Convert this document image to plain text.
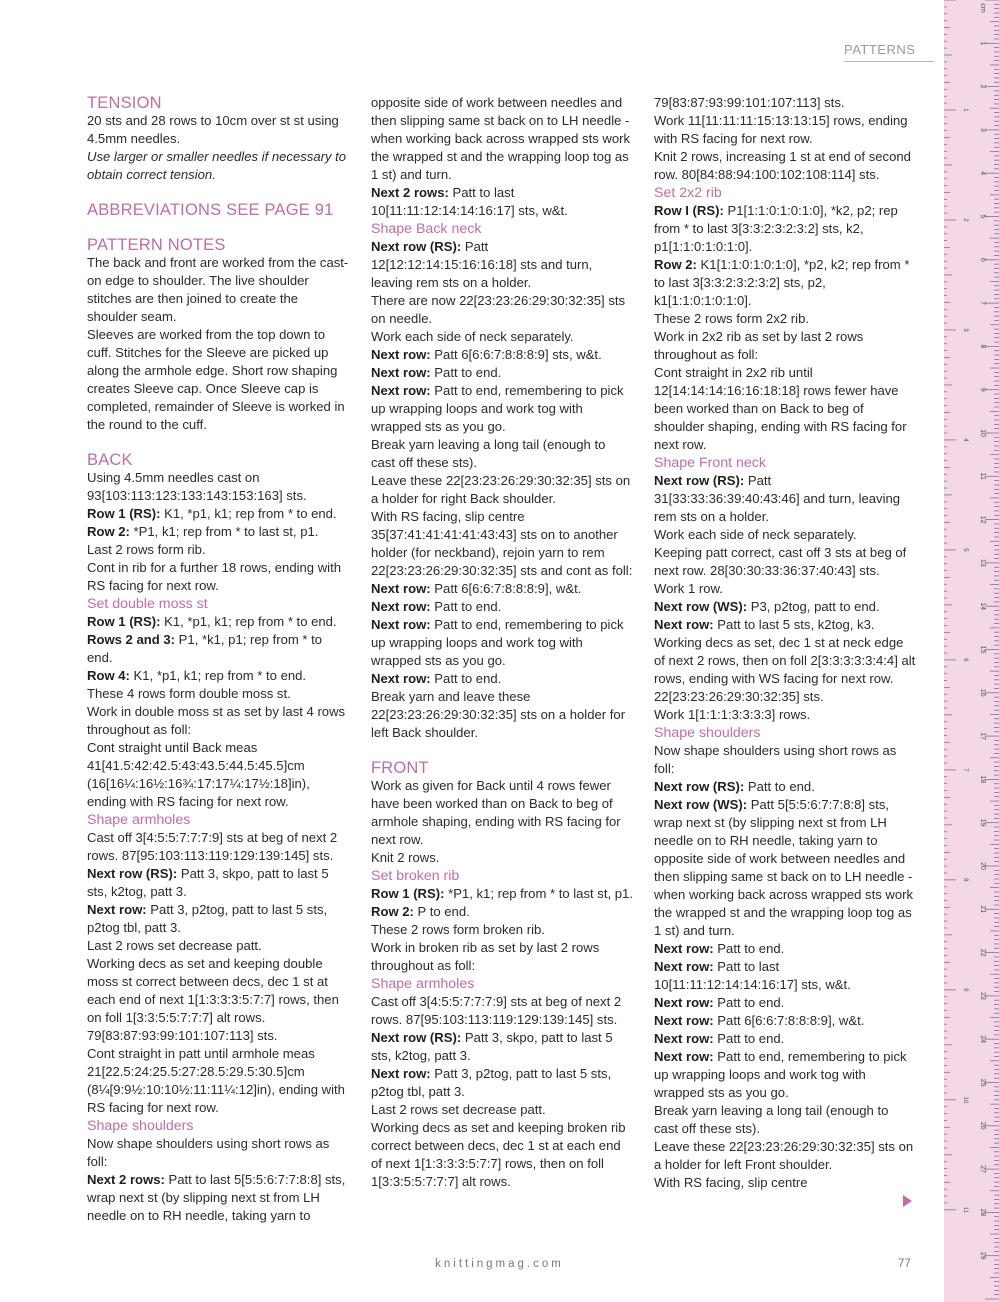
PATTERNS
TENSION

20 sts and 28 rows to 10cm over st st using 4.5mm needles.

Use larger or smaller needles if necessary to obtain correct tension.

ABBREVIATIONS SEE PAGE 91
PATTERN NOTES

The back and front are worked from the cast-on edge to shoulder. The live shoulder stitches are then joined to create the shoulder seam.

Sleeves are worked from the top down to cuff. Stitches for the Sleeve are picked up along the armhole edge. Short row shaping creates Sleeve cap. Once Sleeve cap is completed, remainder of Sleeve is worked in the round to the cuff.

BACK

Using 4.5mm needles cast on 93[103:113:123:133:143:153:163] sts.

Row 1 (RS): K1, *p1, k1; rep from * to end.

Row 2: *P1, k1; rep from * to last st, p1.

Last 2 rows form rib.

Cont in rib for a further 18 rows, ending with RS facing for next row.

Set double moss st

Row 1 (RS): K1, *p1, k1; rep from * to end.

Rows 2 and 3: P1, *k1, p1; rep from * to end.

Row 4: K1, *p1, k1; rep from * to end.

These 4 rows form double moss st.

Work in double moss st as set by last 4 rows throughout as foll:

Cont straight until Back meas 41[41.5:42:42.5:43:43.5:44.5:45.5]cm (16[16¼:16½:16¾:17:17¼:17½:18]in), ending with RS facing for next row.

Shape armholes

Cast off 3[4:5:5:7:7:7:9] sts at beg of next 2 rows. 87[95:103:113:119:129:139:145] sts.

Next row (RS): Patt 3, skpo, patt to last 5 sts, k2tog, patt 3.

Next row: Patt 3, p2tog, patt to last 5 sts, p2tog tbl, patt 3.

Last 2 rows set decrease patt.

Working decs as set and keeping double moss st correct between decs, dec 1 st at each end of next 1[1:3:3:3:5:7:7] rows, then on foll 1[3:3:5:5:7:7:7] alt rows. 79[83:87:93:99:101:107:113] sts.

Cont straight in patt until armhole meas 21[22.5:24:25.5:27:28.5:29.5:30.5]cm (8¼[9:9½:10:10½:11:11¼:12]in), ending with RS facing for next row.

Shape shoulders

Now shape shoulders using short rows as foll:

Next 2 rows: Patt to last 5[5:5:6:7:7:8:8] sts, wrap next st (by slipping next st from LH needle on to RH needle, taking yarn to

opposite side of work between needles and then slipping same st back on to LH needle - when working back across wrapped sts work the wrapped st and the wrapping loop tog as 1 st) and turn.

Next 2 rows: Patt to last 10[11:11:12:14:14:16:17] sts, w&t.

Shape Back neck

Next row (RS): Patt 12[12:12:14:15:16:16:18] sts and turn, leaving rem sts on a holder.

There are now 22[23:23:26:29:30:32:35] sts on needle.

Work each side of neck separately.

Next row: Patt 6[6:6:7:8:8:8:9] sts, w&t.

Next row: Patt to end.

Next row: Patt to end, remembering to pick up wrapping loops and work tog with wrapped sts as you go.

Break yarn leaving a long tail (enough to cast off these sts).

Leave these 22[23:23:26:29:30:32:35] sts on a holder for right Back shoulder.

With RS facing, slip centre 35[37:41:41:41:41:43:43] sts on to another holder (for neckband), rejoin yarn to rem 22[23:23:26:29:30:32:35] sts and cont as foll:

Next row: Patt 6[6:6:7:8:8:8:9], w&t.

Next row: Patt to end.

Next row: Patt to end, remembering to pick up wrapping loops and work tog with wrapped sts as you go.

Next row: Patt to end.

Break yarn and leave these 22[23:23:26:29:30:32:35] sts on a holder for left Back shoulder.

FRONT

Work as given for Back until 4 rows fewer have been worked than on Back to beg of armhole shaping, ending with RS facing for next row.

Knit 2 rows.

Set broken rib

Row 1 (RS): *P1, k1; rep from * to last st, p1.

Row 2: P to end.

These 2 rows form broken rib.

Work in broken rib as set by last 2 rows throughout as foll:

Shape armholes

Cast off 3[4:5:5:7:7:7:9] sts at beg of next 2 rows. 87[95:103:113:119:129:139:145] sts.

Next row (RS): Patt 3, skpo, patt to last 5 sts, k2tog, patt 3.

Next row: Patt 3, p2tog, patt to last 5 sts, p2tog tbl, patt 3.

Last 2 rows set decrease patt.

Working decs as set and keeping broken rib correct between decs, dec 1 st at each end of next 1[1:3:3:3:5:7:7] rows, then on foll 1[3:3:5:5:7:7:7] alt rows.

79[83:87:93:99:101:107:113] sts.

Work 11[11:11:11:15:13:13:15] rows, ending with RS facing for next row.

Knit 2 rows, increasing 1 st at end of second row. 80[84:88:94:100:102:108:114] sts.

Set 2x2 rib

Row I (RS): P1[1:1:0:1:0:1:0], *k2, p2; rep from * to last 3[3:3:2:3:2:3:2] sts, k2, p1[1:1:0:1:0:1:0].

Row 2: K1[1:1:0:1:0:1:0], *p2, k2; rep from * to last 3[3:3:2:3:2:3:2] sts, p2, k1[1:1:0:1:0:1:0].

These 2 rows form 2x2 rib.

Work in 2x2 rib as set by last 2 rows throughout as foll:

Cont straight in 2x2 rib until 12[14:14:14:16:16:18:18] rows fewer have been worked than on Back to beg of shoulder shaping, ending with RS facing for next row.

Shape Front neck

Next row (RS): Patt 31[33:33:36:39:40:43:46] and turn, leaving rem sts on a holder.

Work each side of neck separately.

Keeping patt correct, cast off 3 sts at beg of next row. 28[30:30:33:36:37:40:43] sts.

Work 1 row.

Next row (WS): P3, p2tog, patt to end.

Next row: Patt to last 5 sts, k2tog, k3.

Working decs as set, dec 1 st at neck edge of next 2 rows, then on foll 2[3:3:3:3:3:4:4] alt rows, ending with WS facing for next row. 22[23:23:26:29:30:32:35] sts.

Work 1[1:1:1:3:3:3:3] rows.

Shape shoulders

Now shape shoulders using short rows as foll:

Next row (RS): Patt to end.

Next row (WS): Patt 5[5:5:6:7:7:8:8] sts, wrap next st (by slipping next st from LH needle on to RH needle, taking yarn to opposite side of work between needles and then slipping same st back on to LH needle - when working back across wrapped sts work the wrapped st and the wrapping loop tog as 1 st) and turn.

Next row: Patt to end.

Next row: Patt to last 10[11:11:12:14:14:16:17] sts, w&t.

Next row: Patt to end.

Next row: Patt 6[6:6:7:8:8:8:9], w&t.

Next row: Patt to end.

Next row: Patt to end, remembering to pick up wrapping loops and work tog with wrapped sts as you go.

Break yarn leaving a long tail (enough to cast off these sts).

Leave these 22[23:23:26:29:30:32:35] sts on a holder for left Front shoulder.

With RS facing, slip centre

knittingmag.com	77
cm
1
2
3
4
5
6
7
8
9
10
11
12
13
14
15
16
17
18
19
20
21
22
23
24
25
26
27
28
29
1
2
3
4
5
6
7
8
9
10
11
